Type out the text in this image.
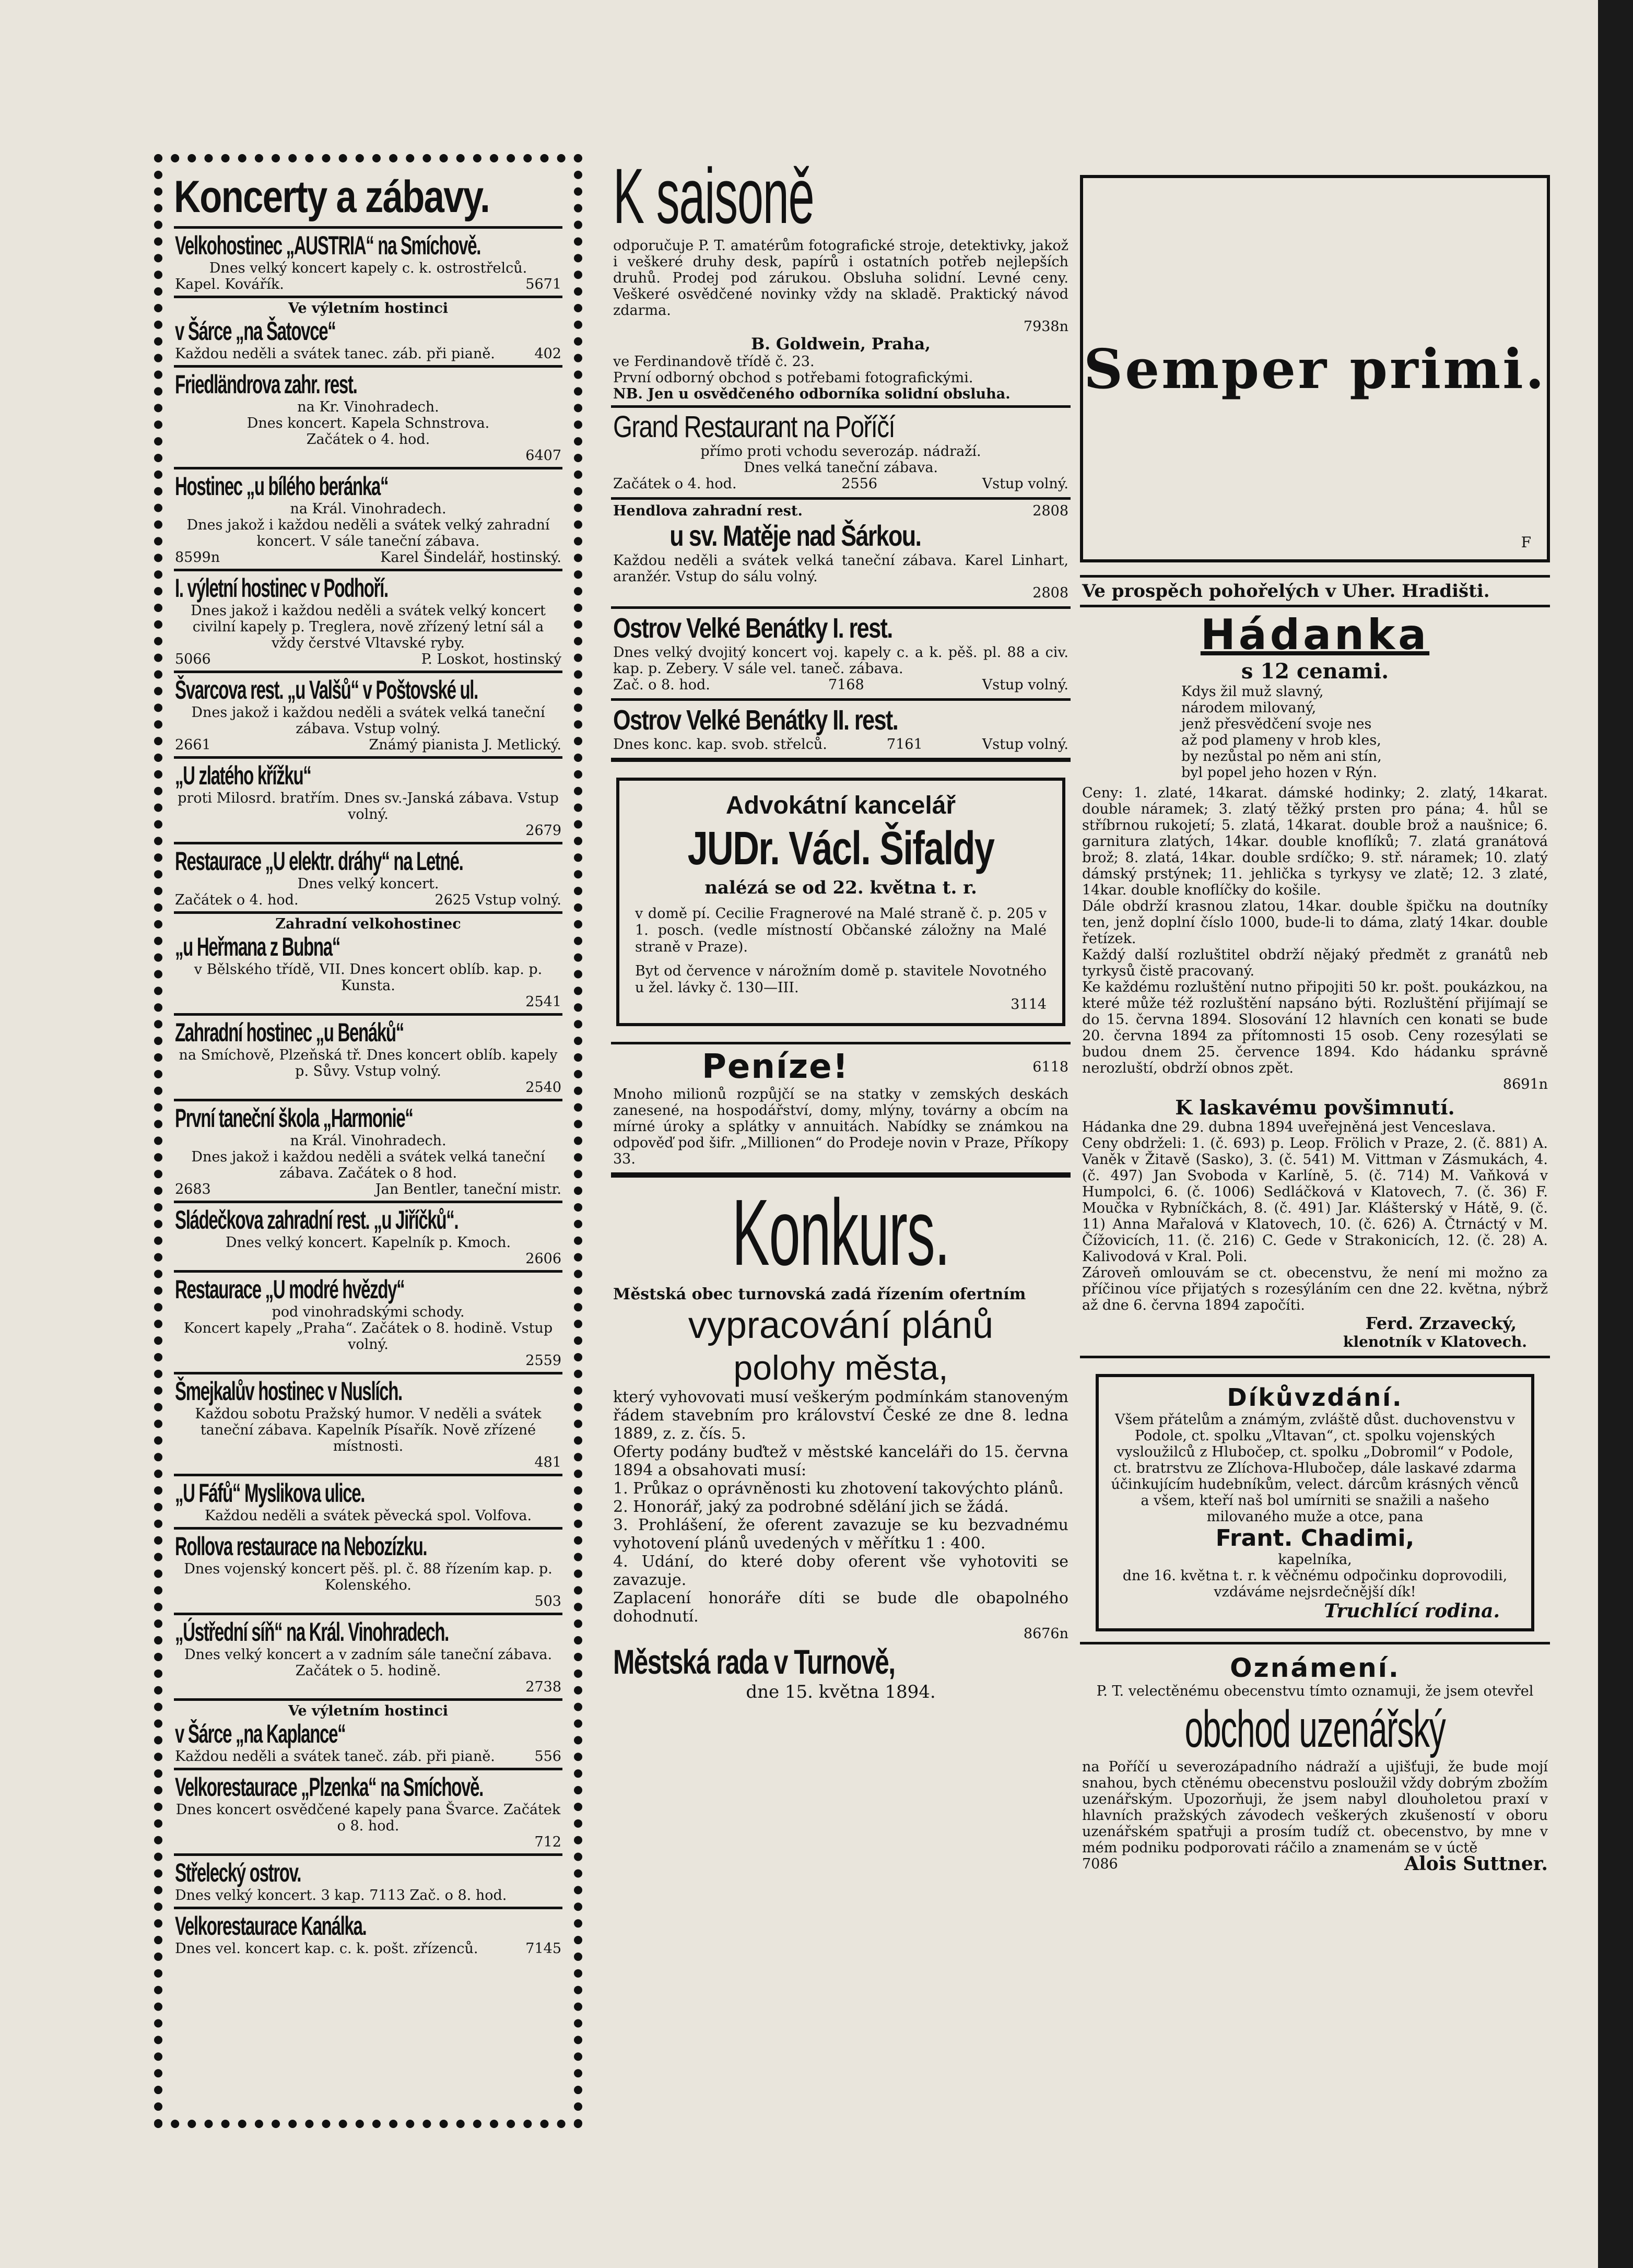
Koncerty a zábavy.
Velkohostinec „AUSTRIA“ na Smíchově.
Dnes velký koncert kapely c. k. ostrostřelců.
Kapel. Kovářík.	5671
Ve výletním hostinci
v Šárce „na Šatovce“
Každou neděli a svátek tanec. záb. při pianě.	402
Friedländrova zahr. rest.
na Kr. Vinohradech.
Dnes koncert. Kapela Schnstrova.
Začátek o 4. hod.
6407
Hostinec „u bílého beránka“
na Král. Vinohradech.
Dnes jakož i každou neděli a svátek velký zahradní koncert. V sále taneční zábava.
8599n	Karel Šindelář, hostinský.
I. výletní hostinec v Podhoří.
Dnes jakož i každou neděli a svátek velký koncert civilní kapely p. Treglera, nově zřízený letní sál a vždy čerstvé Vltavské ryby.
5066	P. Loskot, hostinský
Švarcova rest. „u Valšů“ v Poštovské ul.
Dnes jakož i každou neděli a svátek velká taneční zábava. Vstup volný.
2661	Známý pianista J. Metlický.
„U zlatého křížku“
proti Milosrd. bratřím. Dnes sv.-Janská zábava. Vstup volný.
2679
Restaurace „U elektr. dráhy“ na Letné.
Dnes velký koncert.
Začátek o 4. hod.	2625 Vstup volný.
Zahradní velkohostinec
„u Heřmana z Bubna“
v Bělského třídě, VII. Dnes koncert oblíb. kap. p. Kunsta.
2541
Zahradní hostinec „u Benáků“
na Smíchově, Plzeňská tř. Dnes koncert oblíb. kapely p. Sůvy. Vstup volný.
2540
První taneční škola „Harmonie“
na Král. Vinohradech.
Dnes jakož i každou neděli a svátek velká taneční zábava. Začátek o 8 hod.
2683	Jan Bentler, taneční mistr.
Sládečkova zahradní rest. „u Jiříčků“.
Dnes velký koncert. Kapelník p. Kmoch.
2606
Restaurace „U modré hvězdy“
pod vinohradskými schody.
Koncert kapely „Praha“. Začátek o 8. hodině. Vstup volný.
2559
Šmejkalův hostinec v Nuslích.
Každou sobotu Pražský humor. V neděli a svátek taneční zábava. Kapelník Písařík. Nově zřízené místnosti.
481
„U Fáfů“ Myslikova ulice.
Každou neděli a svátek pěvecká spol. Volfova.
Rollova restaurace na Nebozízku.
Dnes vojenský koncert pěš. pl. č. 88 řízením kap. p. Kolenského.
503
„Ústřední síň“ na Král. Vinohradech.
Dnes velký koncert a v zadním sále taneční zábava. Začátek o 5. hodině.
2738
Ve výletním hostinci
v Šárce „na Kaplance“
Každou neděli a svátek taneč. záb. při pianě.	556
Velkorestaurace „Plzenka“ na Smíchově.
Dnes koncert osvědčené kapely pana Švarce. Začátek o 8. hod.
712
Střelecký ostrov.
Dnes velký koncert. 3 kap. 7113 Zač. o 8. hod.
Velkorestaurace Kanálka.
Dnes vel. koncert kap. c. k. pošt. zřízenců.	7145
K saisoně
odporučuje P. T. amatérům fotografické stroje, detektivky, jakož i veškeré druhy desk, papírů i ostatních potřeb nejlepších druhů. Prodej pod zárukou. Obsluha solidní. Levné ceny. Veškeré osvědčené novinky vždy na skladě. Praktický návod zdarma.
7938n
B. Goldwein, Praha,
ve Ferdinandově třídě č. 23.
První odborný obchod s potřebami fotografickými.
NB. Jen u osvědčeného odborníka solidní obsluha.
Grand Restaurant na Poříčí
přímo proti vchodu severozáp. nádraží.
Dnes velká taneční zábava.
Začátek o 4. hod.	2556	Vstup volný.
Hendlova zahradní rest.	2808
u sv. Matěje nad Šárkou.
Každou neděli a svátek velká taneční zábava. Karel Linhart, aranžér. Vstup do sálu volný.
2808
Ostrov Velké Benátky I. rest.
Dnes velký dvojitý koncert voj. kapely c. a k. pěš. pl. 88 a civ. kap. p. Zebery. V sále vel. taneč. zábava.
Zač. o 8. hod.	7168	Vstup volný.
Ostrov Velké Benátky II. rest.
Dnes konc. kap. svob. střelců.	7161	Vstup volný.
Advokátní kancelář
JUDr. Václ. Šifaldy
nalézá se od 22. května t. r.
v domě pí. Cecilie Fragnerové na Malé straně č. p. 205 v 1. posch. (vedle místností Občanské záložny na Malé straně v Praze).
Byt od července v nárožním domě p. stavitele Novotného u žel. lávky č. 130—III.
3114
Peníze!	6118
Mnoho milionů rozpůjčí se na statky v zemských deskách zanesené, na hospodářství, domy, mlýny, továrny a obcím na mírné úroky a splátky v annuitách. Nabídky se známkou na odpověď pod šifr. „Millionen“ do Prodeje novin v Praze, Příkopy 33.
Konkurs.
Městská obec turnovská zadá řízením ofertním
vypracování plánů
polohy města,
který vyhovovati musí veškerým podmínkám stanoveným řádem stavebním pro království České ze dne 8. ledna 1889, z. z. čís. 5.
Oferty podány buďtež v městské kanceláři do 15. června 1894 a obsahovati musí:
1. Průkaz o oprávněnosti ku zhotovení takovýchto plánů.
2. Honorář, jaký za podrobné sdělání jich se žádá.
3. Prohlášení, že oferent zavazuje se ku bezvadnému vyhotovení plánů uvedených v měřítku 1 : 400.
4. Udání, do které doby oferent vše vyhotoviti se zavazuje.
Zaplacení honoráře díti se bude dle obapolného dohodnutí.
8676n
Městská rada v Turnově,
dne 15. května 1894.
Semper primi.
F
Ve prospěch pohořelých v Uher. Hradišti.
Hádanka
s 12 cenami.
Kdys žil muž slavný,
národem milovaný,
jenž přesvědčení svoje nes
až pod plameny v hrob kles,
by nezůstal po něm ani stín,
byl popel jeho hozen v Rýn.
Ceny: 1. zlaté, 14karat. dámské hodinky; 2. zlatý, 14karat. double náramek; 3. zlatý těžký prsten pro pána; 4. hůl se stříbrnou rukojetí; 5. zlatá, 14karat. double brož a naušnice; 6. garnitura zlatých, 14kar. double knoflíků; 7. zlatá granátová brož; 8. zlatá, 14kar. double srdíčko; 9. stř. náramek; 10. zlatý dámský prstýnek; 11. jehlička s tyrkysy ve zlatě; 12. 3 zlaté, 14kar. double knoflíčky do košile.
Dále obdrží krasnou zlatou, 14kar. double špičku na doutníky ten, jenž doplní číslo 1000, bude-li to dáma, zlatý 14kar. double řetízek.
Každý další rozluštitel obdrží nějaký předmět z granátů neb tyrkysů čistě pracovaný.
Ke každému rozluštění nutno připojiti 50 kr. pošt. poukázkou, na které může též rozluštění napsáno býti. Rozluštění přijímají se do 15. června 1894. Slosování 12 hlavních cen konati se bude 20. června 1894 za přítomnosti 15 osob. Ceny rozesýlati se budou dnem 25. července 1894. Kdo hádanku správně nerozluští, obdrží obnos zpět.
8691n
K laskavému povšimnutí.
Hádanka dne 29. dubna 1894 uveřejněná jest Venceslava.
Ceny obdrželi: 1. (č. 693) p. Leop. Frölich v Praze, 2. (č. 881) A. Vaněk v Žitavě (Sasko), 3. (č. 541) M. Vittman v Zásmukách, 4. (č. 497) Jan Svoboda v Karlíně, 5. (č. 714) M. Vaňková v Humpolci, 6. (č. 1006) Sedláčková v Klatovech, 7. (č. 36) F. Moučka v Rybníčkách, 8. (č. 491) Jar. Klášterský v Hátě, 9. (č. 11) Anna Mařalová v Klatovech, 10. (č. 626) A. Čtrnáctý v M. Čížovicích, 11. (č. 216) C. Gede v Strakonicích, 12. (č. 28) A. Kalivodová v Kral. Poli.
Zároveň omlouvám se ct. obecenstvu, že není mi možno za příčinou více přijatých s rozesýláním cen dne 22. května, nýbrž až dne 6. června 1894 započíti.
Ferd. Zrzavecký,
klenotník v Klatovech.
Díkůvzdání.
Všem přátelům a známým, zvláště důst. duchovenstvu v Podole, ct. spolku „Vltavan“, ct. spolku vojenských vysloužilců z Hlubočep, ct. spolku „Dobromil“ v Podole, ct. bratrstvu ze Zlíchova-Hlubočep, dále laskavé zdarma účinkujícím hudebníkům, velect. dárcům krásných věnců a všem, kteří naš bol umírniti se snažili a našeho milovaného muže a otce, pana
Frant. Chadimi,
kapelníka,
dne 16. května t. r. k věčnému odpočinku doprovodili, vzdáváme nejsrdečnější dík!
Truchlící rodina.
Oznámení.
P. T. velectěnému obecenstvu tímto oznamuji, že jsem otevřel
obchod uzenářský
na Poříčí u severozápadního nádraží a ujišťuji, že bude mojí snahou, bych ctěnému obecenstvu posloužil vždy dobrým zbožím uzenářským. Upozorňuji, že jsem nabyl dlouholetou praxí v hlavních pražských závodech veškerých zkušeností v oboru uzenářském spatřuji a prosím tudíž ct. obecenstvo, by mne v mém podniku podporovati ráčilo a znamenám se v úctě
7086	Alois Suttner.
